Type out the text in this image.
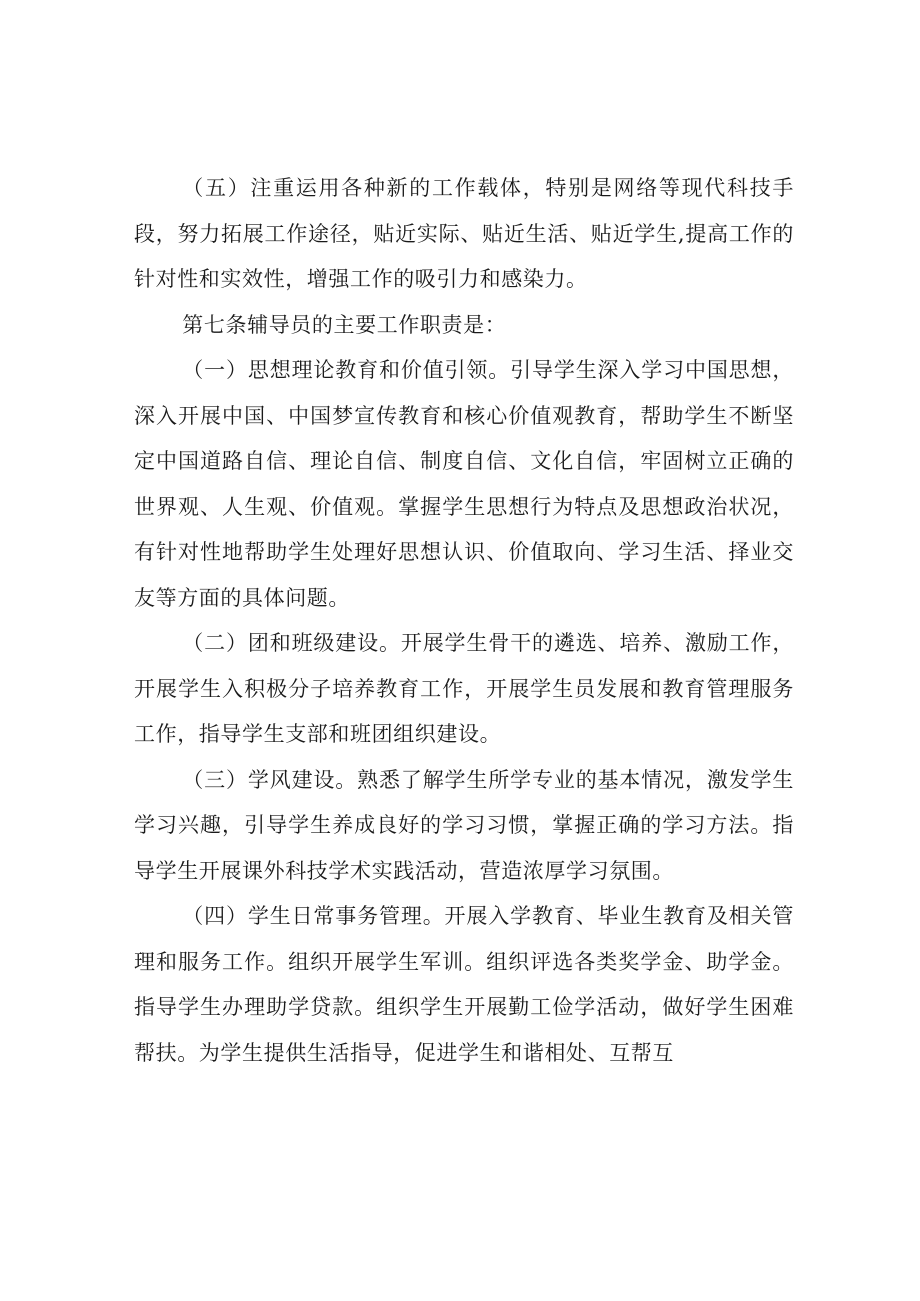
（五）注重运用各种新的工作载体，特别是网络等现代科技手段，努力拓展工作途径，贴近实际、贴近生活、贴近学生,提高工作的针对性和实效性，增强工作的吸引力和感染力。

第七条辅导员的主要工作职责是：

（一）思想理论教育和价值引领。引导学生深入学习中国思想，深入开展中国、中国梦宣传教育和核心价值观教育，帮助学生不断坚定中国道路自信、理论自信、制度自信、文化自信，牢固树立正确的世界观、人生观、价值观。掌握学生思想行为特点及思想政治状况，有针对性地帮助学生处理好思想认识、价值取向、学习生活、择业交友等方面的具体问题。

（二）团和班级建设。开展学生骨干的遴选、培养、激励工作，开展学生入积极分子培养教育工作，开展学生员发展和教育管理服务工作，指导学生支部和班团组织建设。

（三）学风建设。熟悉了解学生所学专业的基本情况，激发学生学习兴趣，引导学生养成良好的学习习惯，掌握正确的学习方法。指导学生开展课外科技学术实践活动，营造浓厚学习氛围。

（四）学生日常事务管理。开展入学教育、毕业生教育及相关管理和服务工作。组织开展学生军训。组织评选各类奖学金、助学金。指导学生办理助学贷款。组织学生开展勤工俭学活动，做好学生困难帮扶。为学生提供生活指导，促进学生和谐相处、互帮互
